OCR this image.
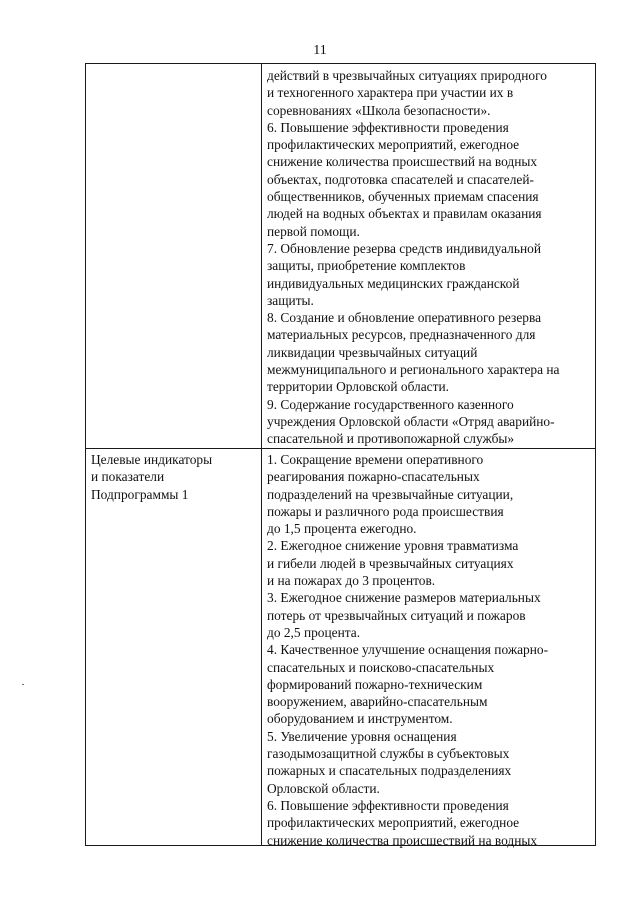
11
действий в чрезвычайных ситуациях природного
и техногенного характера при участии их в
соревнованиях «Школа безопасности».
6. Повышение эффективности проведения
профилактических мероприятий, ежегодное
снижение количества происшествий на водных
объектах, подготовка спасателей и спасателей-
общественников, обученных приемам спасения
людей на водных объектах и правилам оказания
первой помощи.
7. Обновление резерва средств индивидуальной
защиты, приобретение комплектов
индивидуальных медицинских гражданской
защиты.
8. Создание и обновление оперативного резерва
материальных ресурсов, предназначенного для
ликвидации чрезвычайных ситуаций
межмуниципального и регионального характера на
территории Орловской области.
9. Содержание государственного казенного
учреждения Орловской области «Отряд аварийно-
спасательной и противопожарной службы»
Целевые индикаторы
и показатели
Подпрограммы 1
1. Сокращение времени оперативного
реагирования пожарно-спасательных
подразделений на чрезвычайные ситуации,
пожары и различного рода происшествия
до 1,5 процента ежегодно.
2. Ежегодное снижение уровня травматизма
и гибели людей в чрезвычайных ситуациях
и на пожарах до 3 процентов.
3. Ежегодное снижение размеров материальных
потерь от чрезвычайных ситуаций и пожаров
до 2,5 процента.
4. Качественное улучшение оснащения пожарно-
спасательных и поисково-спасательных
формирований пожарно-техническим
вооружением, аварийно-спасательным
оборудованием и инструментом.
5. Увеличение уровня оснащения
газодымозащитной службы в субъектовых
пожарных и спасательных подразделениях
Орловской области.
6. Повышение эффективности проведения
профилактических мероприятий, ежегодное
снижение количества происшествий на водных
